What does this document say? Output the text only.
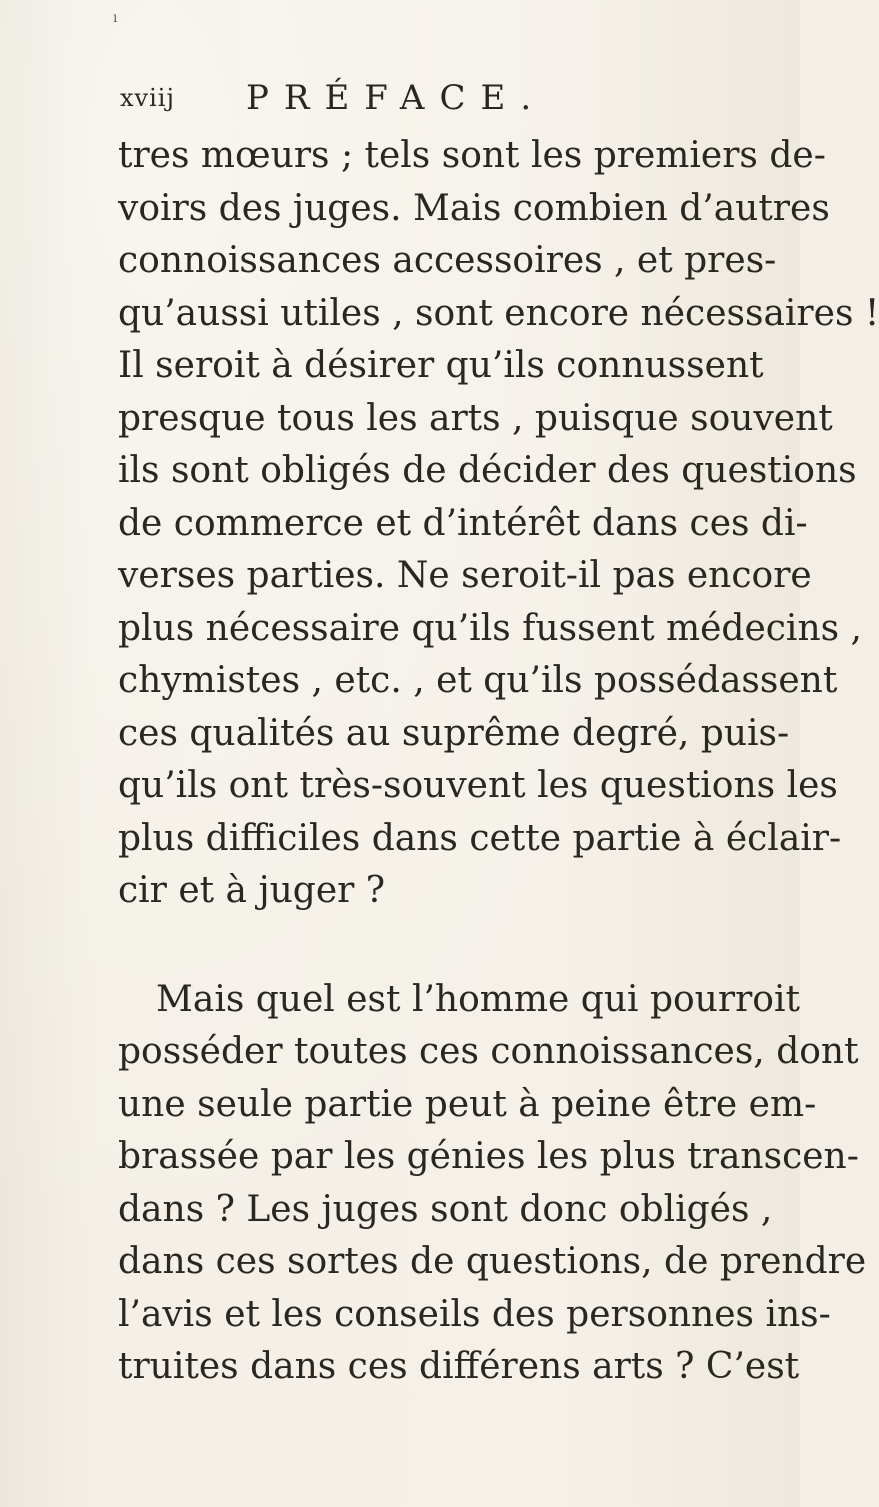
ı
xviij PRÉFACE.
tres mœurs ; tels sont les premiers de-
voirs des juges. Mais combien d’autres
connoissances accessoires , et pres-
qu’aussi utiles , sont encore nécessaires !
Il seroit à désirer qu’ils connussent
presque tous les arts , puisque souvent
ils sont obligés de décider des questions
de commerce et d’intérêt dans ces di-
verses parties. Ne seroit-il pas encore
plus nécessaire qu’ils fussent médecins ,
chymistes , etc. , et qu’ils possédassent
ces qualités au suprême degré, puis-
qu’ils ont très-souvent les questions les
plus difficiles dans cette partie à éclair-
cir et à juger ?
Mais quel est l’homme qui pourroit
posséder toutes ces connoissances, dont
une seule partie peut à peine être em-
brassée par les génies les plus transcen-
dans ? Les juges sont donc obligés ,
dans ces sortes de questions, de prendre
l’avis et les conseils des personnes ins-
truites dans ces différens arts ? C’est
